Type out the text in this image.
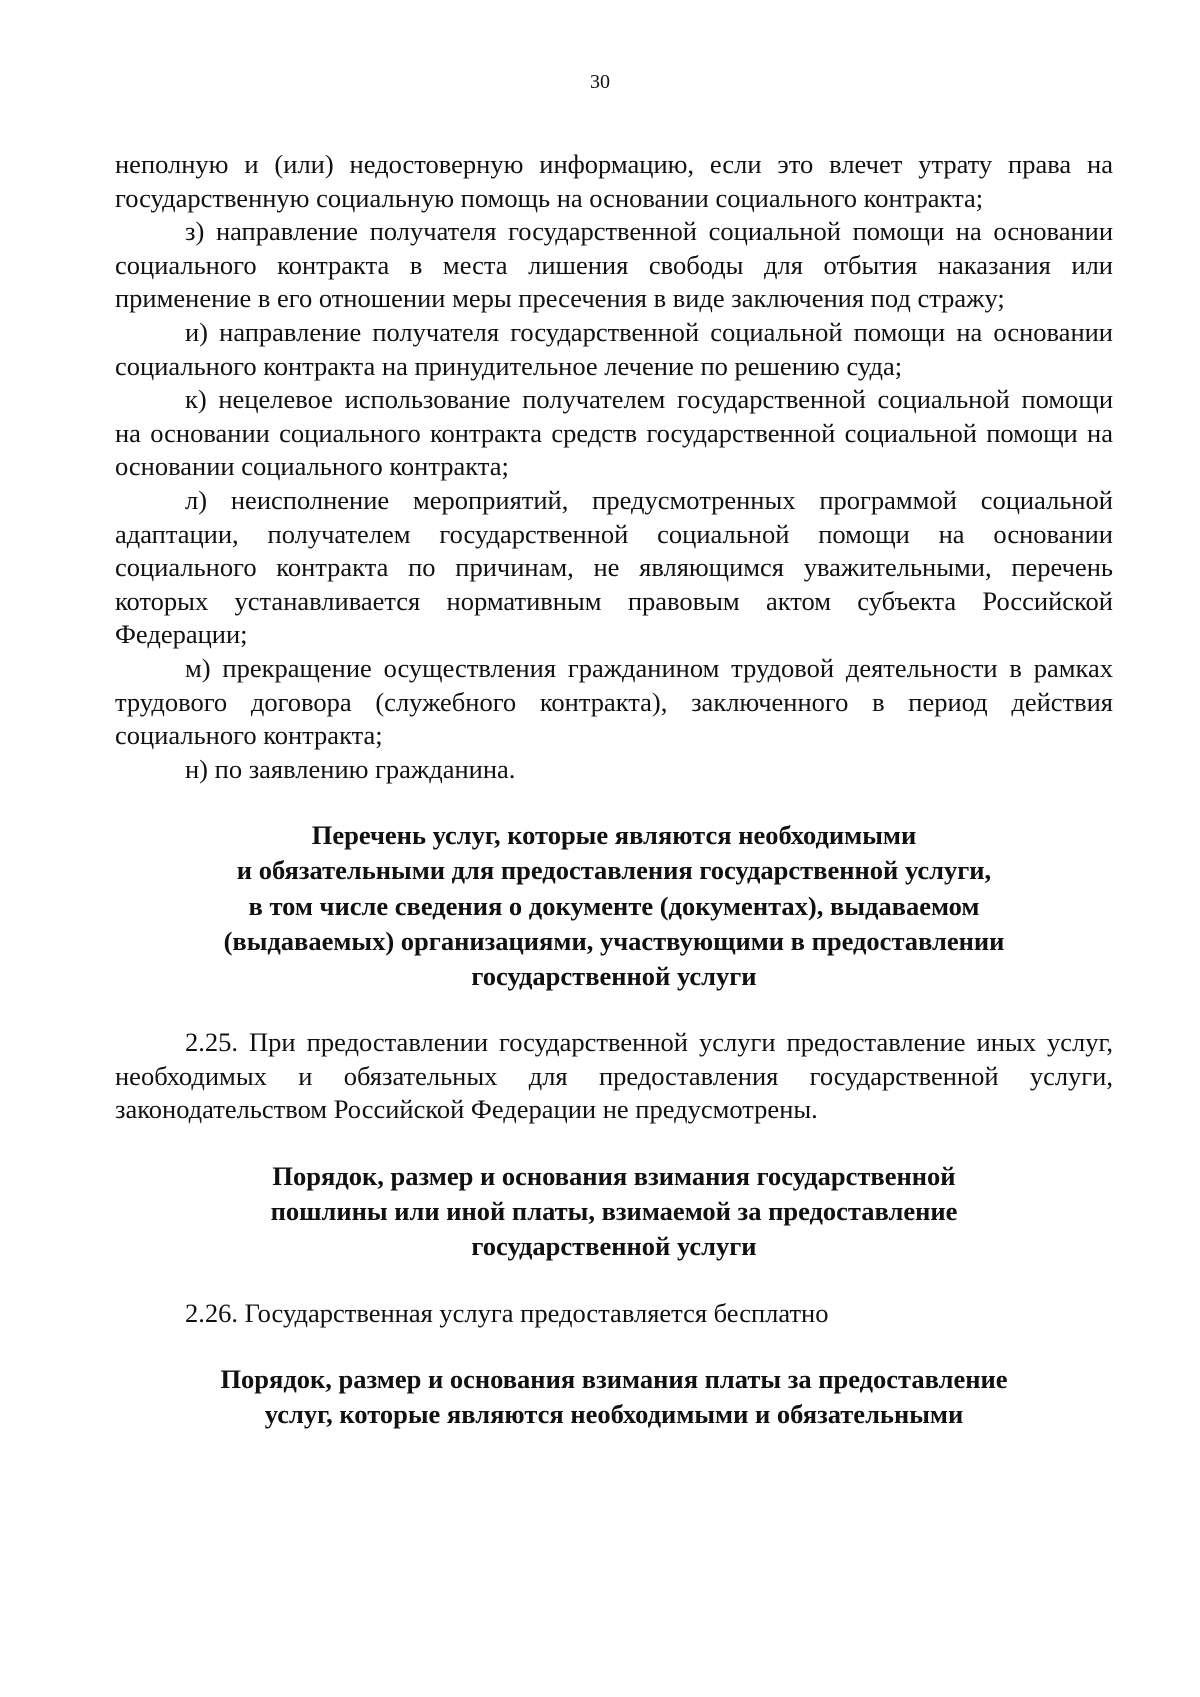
30

неполную и (или) недостоверную информацию, если это влечет утрату права на государственную социальную помощь на основании социального контракта;

з) направление получателя государственной социальной помощи на основании социального контракта в места лишения свободы для отбытия наказания или применение в его отношении меры пресечения в виде заключения под стражу;

и) направление получателя государственной социальной помощи на основании социального контракта на принудительное лечение по решению суда;

к) нецелевое использование получателем государственной социальной помощи на основании социального контракта средств государственной социальной помощи на основании социального контракта;

л) неисполнение мероприятий, предусмотренных программой социальной адаптации, получателем государственной социальной помощи на основании социального контракта по причинам, не являющимся уважительными, перечень которых устанавливается нормативным правовым актом субъекта Российской Федерации;

м) прекращение осуществления гражданином трудовой деятельности в рамках трудового договора (служебного контракта), заключенного в период действия социального контракта;

н) по заявлению гражданина.

Перечень услуг, которые являются необходимыми
и обязательными для предоставления государственной услуги,
в том числе сведения о документе (документах), выдаваемом
(выдаваемых) организациями, участвующими в предоставлении
государственной услуги

2.25. При предоставлении государственной услуги предоставление иных услуг, необходимых и обязательных для предоставления государственной услуги, законодательством Российской Федерации не предусмотрены.

Порядок, размер и основания взимания государственной
пошлины или иной платы, взимаемой за предоставление
государственной услуги

2.26. Государственная услуга предоставляется бесплатно

Порядок, размер и основания взимания платы за предоставление
услуг, которые являются необходимыми и обязательными
